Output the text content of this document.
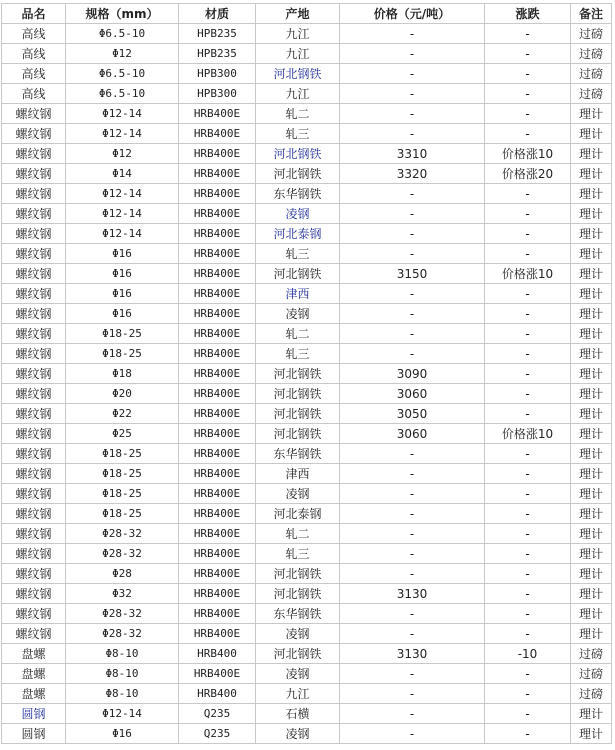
品名	规格（mm）	材质	产地	价格（元/吨）	涨跌	备注
高线	Φ6.5-10	HPB235	九江	-	-	过磅
高线	Φ12	HPB235	九江	-	-	过磅
高线	Φ6.5-10	HPB300	河北钢铁	-	-	过磅
高线	Φ6.5-10	HPB300	九江	-	-	过磅
螺纹钢	Φ12-14	HRB400E	轧二	-	-	理计
螺纹钢	Φ12-14	HRB400E	轧三	-	-	理计
螺纹钢	Φ12	HRB400E	河北钢铁	3310	价格涨10	理计
螺纹钢	Φ14	HRB400E	河北钢铁	3320	价格涨20	理计
螺纹钢	Φ12-14	HRB400E	东华钢铁	-	-	理计
螺纹钢	Φ12-14	HRB400E	凌钢	-	-	理计
螺纹钢	Φ12-14	HRB400E	河北泰钢	-	-	理计
螺纹钢	Φ16	HRB400E	轧三	-	-	理计
螺纹钢	Φ16	HRB400E	河北钢铁	3150	价格涨10	理计
螺纹钢	Φ16	HRB400E	津西	-	-	理计
螺纹钢	Φ16	HRB400E	凌钢	-	-	理计
螺纹钢	Φ18-25	HRB400E	轧二	-	-	理计
螺纹钢	Φ18-25	HRB400E	轧三	-	-	理计
螺纹钢	Φ18	HRB400E	河北钢铁	3090	-	理计
螺纹钢	Φ20	HRB400E	河北钢铁	3060	-	理计
螺纹钢	Φ22	HRB400E	河北钢铁	3050	-	理计
螺纹钢	Φ25	HRB400E	河北钢铁	3060	价格涨10	理计
螺纹钢	Φ18-25	HRB400E	东华钢铁	-	-	理计
螺纹钢	Φ18-25	HRB400E	津西	-	-	理计
螺纹钢	Φ18-25	HRB400E	凌钢	-	-	理计
螺纹钢	Φ18-25	HRB400E	河北泰钢	-	-	理计
螺纹钢	Φ28-32	HRB400E	轧二	-	-	理计
螺纹钢	Φ28-32	HRB400E	轧三	-	-	理计
螺纹钢	Φ28	HRB400E	河北钢铁	-	-	理计
螺纹钢	Φ32	HRB400E	河北钢铁	3130	-	理计
螺纹钢	Φ28-32	HRB400E	东华钢铁	-	-	理计
螺纹钢	Φ28-32	HRB400E	凌钢	-	-	理计
盘螺	Φ8-10	HRB400	河北钢铁	3130	-10	过磅
盘螺	Φ8-10	HRB400E	凌钢	-	-	过磅
盘螺	Φ8-10	HRB400	九江	-	-	过磅
圆钢	Φ12-14	Q235	石横	-	-	理计
圆钢	Φ16	Q235	凌钢	-	-	理计
